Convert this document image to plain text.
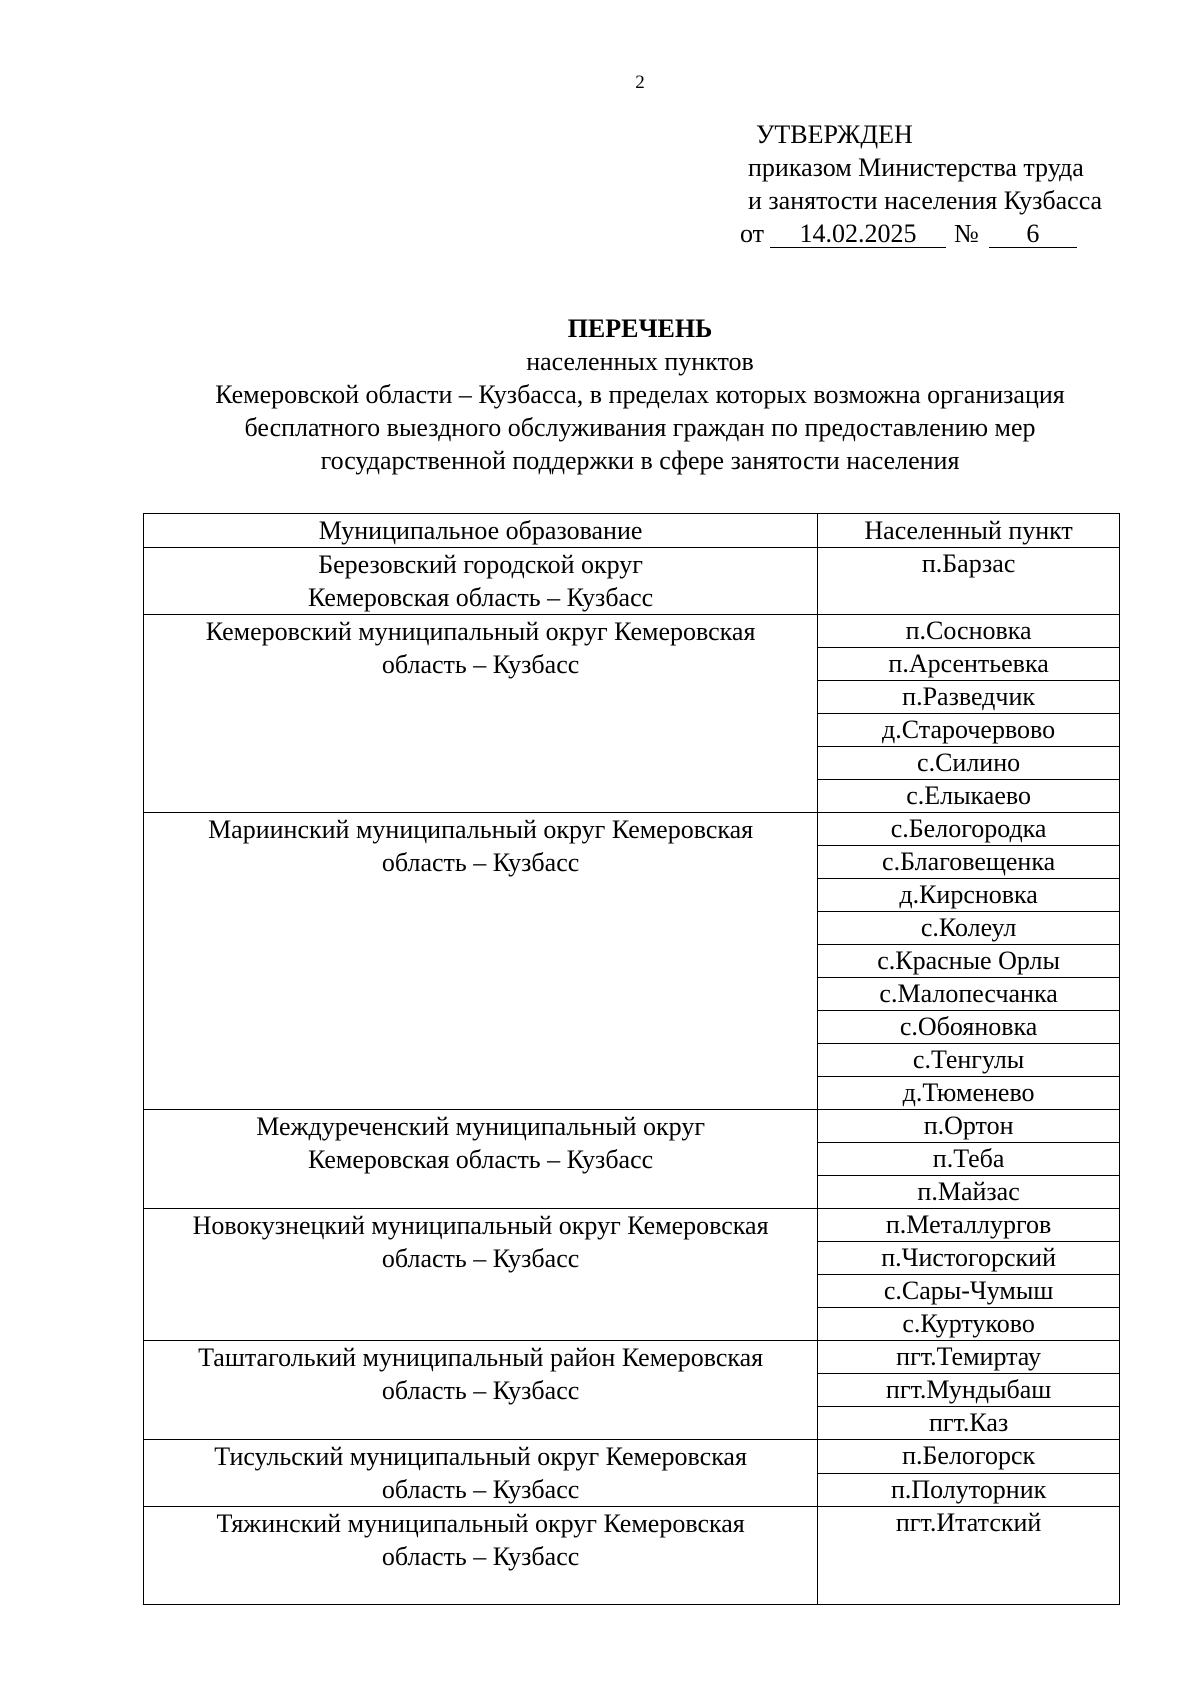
2
УТВЕРЖДЕН
приказом Министерства труда
и занятости населения Кузбасса
от 14.02.2025 № 6
ПЕРЕЧЕНЬ
населенных пунктов
Кемеровской области – Кузбасса, в пределах которых возможна организация
бесплатного выездного обслуживания граждан по предоставлению мер
государственной поддержки в сфере занятости населения
Муниципальное образование	Населенный пункт

Березовский городской округ
Кемеровская область – Кузбасс	п.Барзас

Кемеровский муниципальный округ Кемеровская
область – Кузбасс	п.Сосновка
	п.Арсентьевка
	п.Разведчик
	д.Старочервово
	с.Силино
	с.Елыкаево

Мариинский муниципальный округ Кемеровская
область – Кузбасс	с.Белогородка
	с.Благовещенка
	д.Кирсновка
	с.Колеул
	с.Красные Орлы
	с.Малопесчанка
	с.Обояновка
	с.Тенгулы
	д.Тюменево

Междуреченский муниципальный округ
Кемеровская область – Кузбасс	п.Ортон
	п.Теба
	п.Майзас

Новокузнецкий муниципальный округ Кемеровская
область – Кузбасс	п.Металлургов
	п.Чистогорский
	с.Сары-Чумыш
	с.Куртуково

Таштаголький муниципальный район Кемеровская
область – Кузбасс	пгт.Темиртау
	пгт.Мундыбаш
	пгт.Каз

Тисульский муниципальный округ Кемеровская
область – Кузбасс	п.Белогорск
	п.Полуторник

Тяжинский муниципальный округ Кемеровская
область – Кузбасс	пгт.Итатский
